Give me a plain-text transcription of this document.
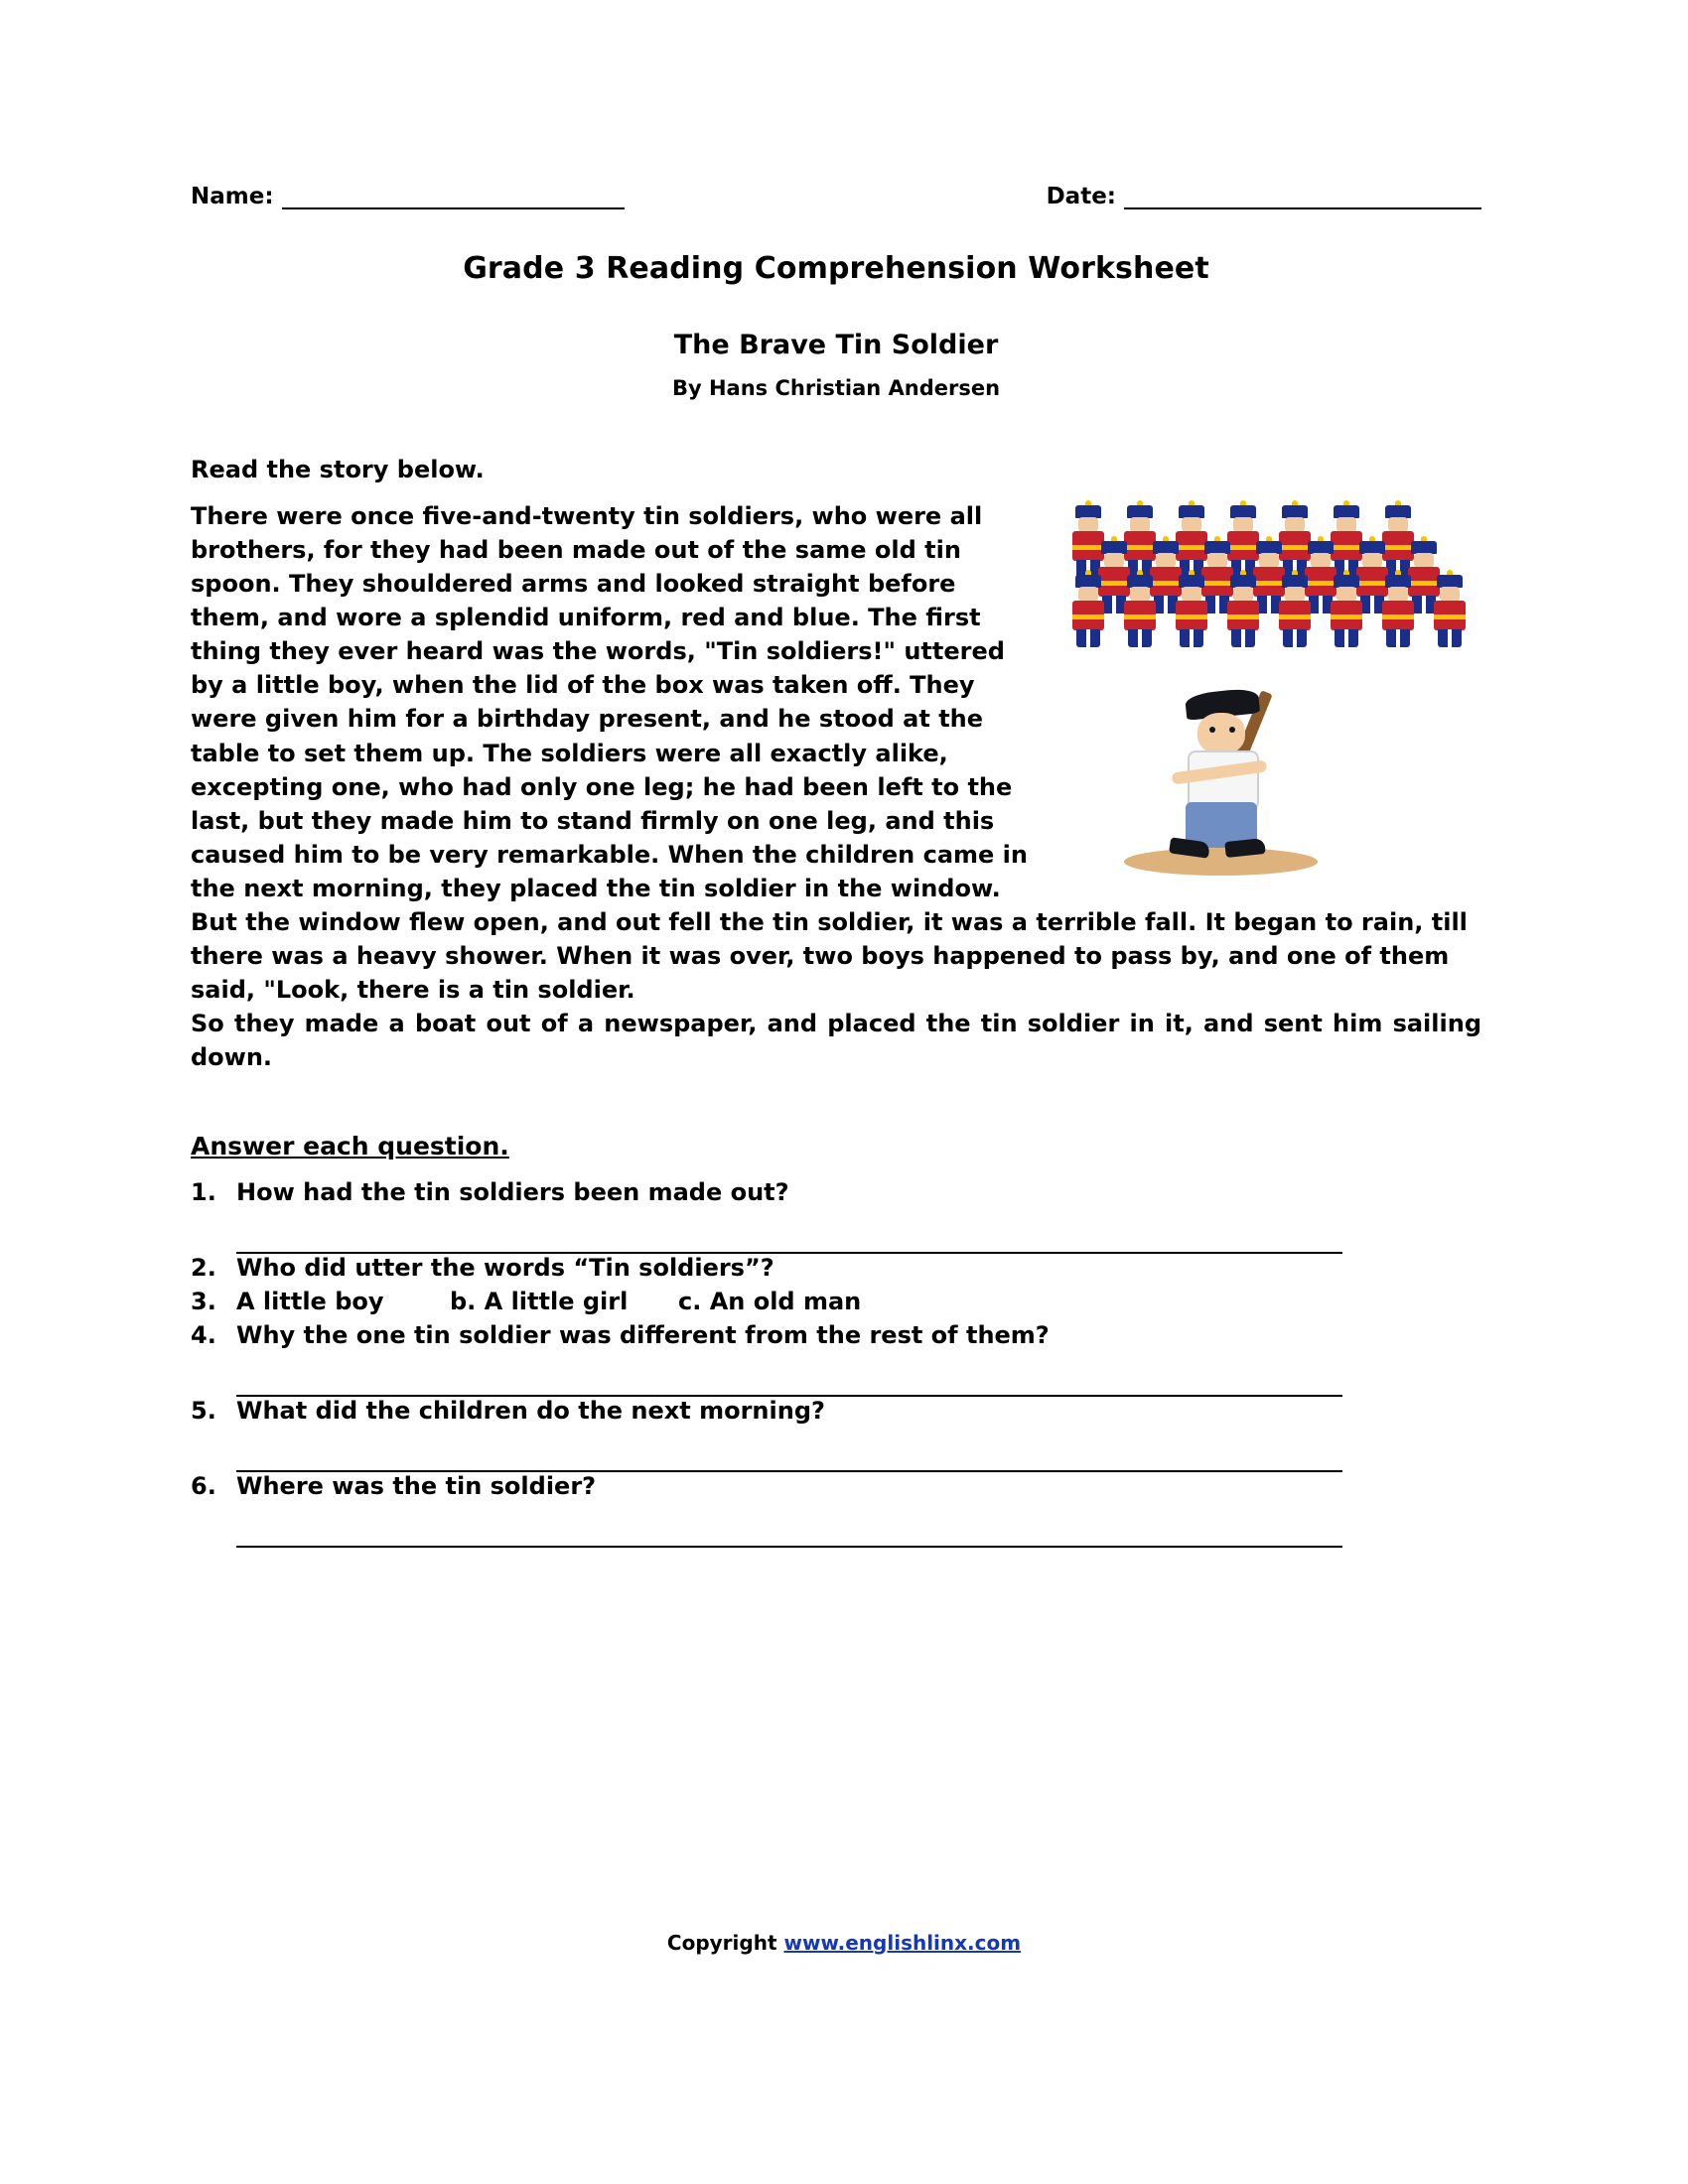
Name:	Date:
Grade 3 Reading Comprehension Worksheet
The Brave Tin Soldier
By Hans Christian Andersen
Read the story below.

There were once five-and-twenty tin soldiers, who were all brothers, for they had been made out of the same old tin spoon. They shouldered arms and looked straight before them, and wore a splendid uniform, red and blue. The first thing they ever heard was the words, "Tin soldiers!" uttered by a little boy, when the lid of the box was taken off. They were given him for a birthday present, and he stood at the table to set them up. The soldiers were all exactly alike, excepting one, who had only one leg; he had been left to the last, but they made him to stand firmly on one leg, and this caused him to be very remarkable. When the children came in the next morning, they placed the tin soldier in the window. But the window flew open, and out fell the tin soldier, it was a terrible fall. It began to rain, till there was a heavy shower. When it was over, two boys happened to pass by, and one of them said, "Look, there is a tin soldier.

So they made a boat out of a newspaper, and placed the tin soldier in it, and sent him sailing down.

Answer each question.
1. How had the tin soldiers been made out?
2. Who did utter the words “Tin soldiers”?
3. A little boy	b. A little girl	c. An old man
4. Why the one tin soldier was different from the rest of them?
5. What did the children do the next morning?
6. Where was the tin soldier?
Copyright www.englishlinx.com
